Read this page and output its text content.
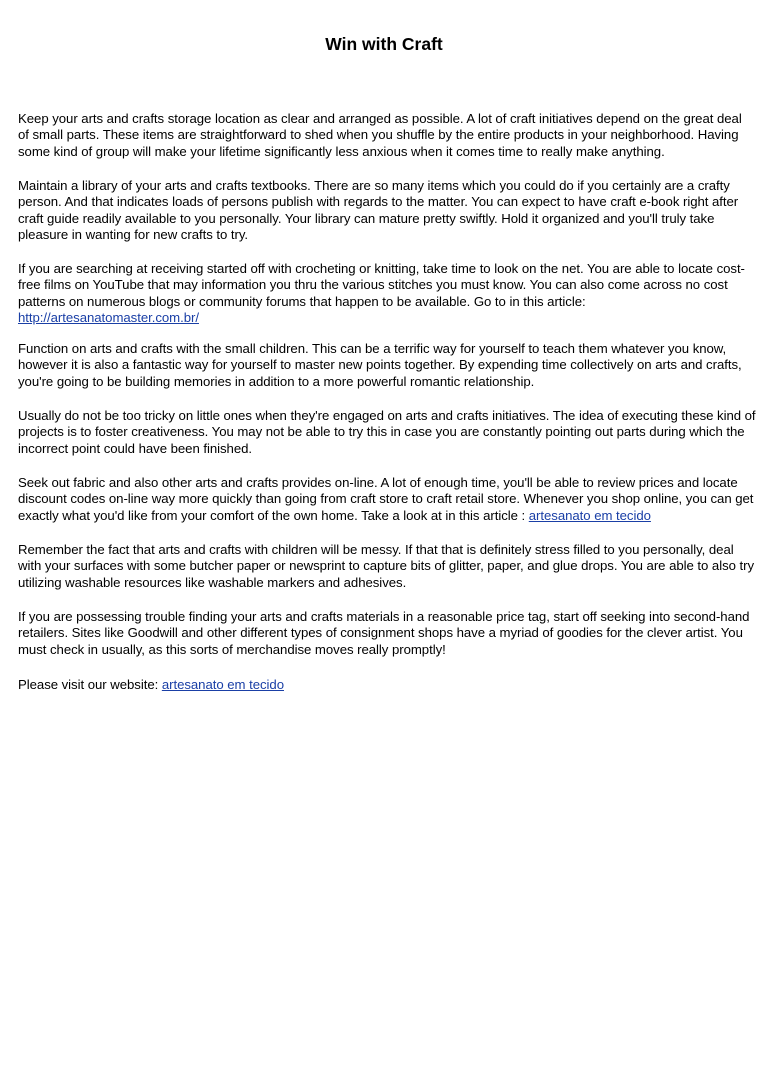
Win with Craft

Keep your arts and crafts storage location as clear and arranged as possible. A lot of craft initiatives depend on the great deal of small parts. These items are straightforward to shed when you shuffle by the entire products in your neighborhood. Having some kind of group will make your lifetime significantly less anxious when it comes time to really make anything.

Maintain a library of your arts and crafts textbooks. There are so many items which you could do if you certainly are a crafty person. And that indicates loads of persons publish with regards to the matter. You can expect to have craft e-book right after craft guide readily available to you personally. Your library can mature pretty swiftly. Hold it organized and you'll truly take pleasure in wanting for new crafts to try.

If you are searching at receiving started off with crocheting or knitting, take time to look on the net. You are able to locate cost-free films on YouTube that may information you thru the various stitches you must know. You can also come across no cost patterns on numerous blogs or community forums that happen to be available. Go to in this article: http://artesanatomaster.com.br/

Function on arts and crafts with the small children. This can be a terrific way for yourself to teach them whatever you know, however it is also a fantastic way for yourself to master new points together. By expending time collectively on arts and crafts, you're going to be building memories in addition to a more powerful romantic relationship.

Usually do not be too tricky on little ones when they're engaged on arts and crafts initiatives. The idea of executing these kind of projects is to foster creativeness. You may not be able to try this in case you are constantly pointing out parts during which the incorrect point could have been finished.

Seek out fabric and also other arts and crafts provides on-line. A lot of enough time, you'll be able to review prices and locate discount codes on-line way more quickly than going from craft store to craft retail store. Whenever you shop online, you can get exactly what you'd like from your comfort of the own home. Take a look at in this article : artesanato em tecido

Remember the fact that arts and crafts with children will be messy. If that that is definitely stress filled to you personally, deal with your surfaces with some butcher paper or newsprint to capture bits of glitter, paper, and glue drops. You are able to also try utilizing washable resources like washable markers and adhesives.

If you are possessing trouble finding your arts and crafts materials in a reasonable price tag, start off seeking into second-hand retailers. Sites like Goodwill and other different types of consignment shops have a myriad of goodies for the clever artist. You must check in usually, as this sorts of merchandise moves really promptly!

Please visit our website: artesanato em tecido
